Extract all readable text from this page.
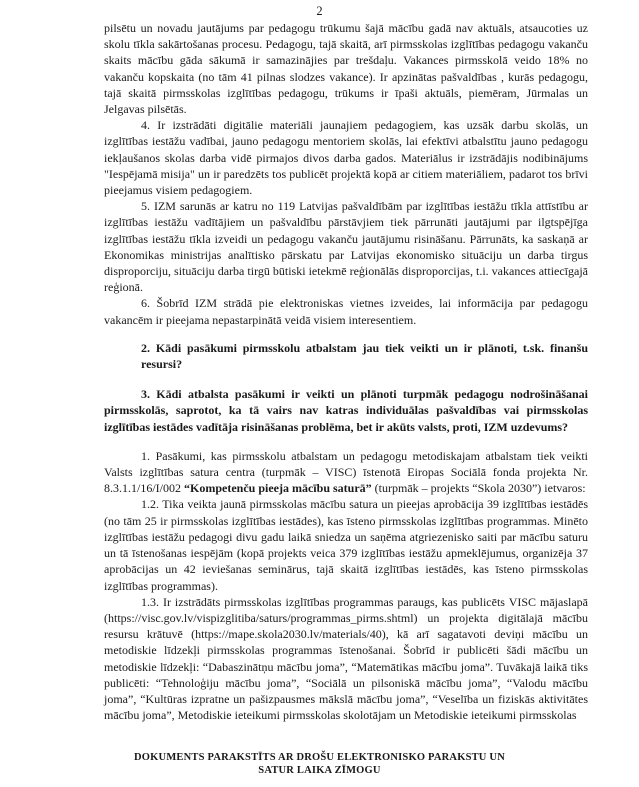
2

pilsētu un novadu jautājums par pedagogu trūkumu šajā mācību gadā nav aktuāls, atsaucoties uz skolu tīkla sakārtošanas procesu. Pedagogu, tajā skaitā, arī pirmsskolas izglītības pedagogu vakanču skaits mācību gāda sākumā ir samazinājies par trešdaļu. Vakances pirmsskolā veido 18% no vakanču kopskaita (no tām 41 pilnas slodzes vakance). Ir apzinātas pašvaldības , kurās pedagogu, tajā skaitā pirmsskolas izglītības pedagogu, trūkums ir īpaši aktuāls, piemēram, Jūrmalas un Jelgavas pilsētās.

4. Ir izstrādāti digitālie materiāli jaunajiem pedagogiem, kas uzsāk darbu skolās, un izglītības iestāžu vadībai, jauno pedagogu mentoriem skolās, lai efektīvi atbalstītu jauno pedagogu iekļaušanos skolas darba vidē pirmajos divos darba gados. Materiālus ir izstrādājis nodibinājums "Iespējamā misija" un ir paredzēts tos publicēt projektā kopā ar citiem materiāliem, padarot tos brīvi pieejamus visiem pedagogiem.

5. IZM sarunās ar katru no 119 Latvijas pašvaldībām par izglītības iestāžu tīkla attīstību ar izglītības iestāžu vadītājiem un pašvaldību pārstāvjiem tiek pārrunāti jautājumi par ilgtspējīga izglītības iestāžu tīkla izveidi un pedagogu vakanču jautājumu risināšanu. Pārrunāts, ka saskaņā ar Ekonomikas ministrijas analītisko pārskatu par Latvijas ekonomisko situāciju un darba tirgus disproporciju, situāciju darba tirgū būtiski ietekmē reģionālās disproporcijas, t.i. vakances attiecīgajā reģionā.

6. Šobrīd IZM strādā pie elektroniskas vietnes izveides, lai informācija par pedagogu vakancēm ir pieejama nepastarpinātā veidā visiem interesentiem.

2. Kādi pasākumi pirmsskolu atbalstam jau tiek veikti un ir plānoti, t.sk. finanšu resursi?

3. Kādi atbalsta pasākumi ir veikti un plānoti turpmāk pedagogu nodrošināšanai pirmsskolās, saprotot, ka tā vairs nav katras individuālas pašvaldības vai pirmsskolas izglītības iestādes vadītāja risināšanas problēma, bet ir akūts valsts, proti, IZM uzdevums?

1. Pasākumi, kas pirmsskolu atbalstam un pedagogu metodiskajam atbalstam tiek veikti Valsts izglītības satura centra (turpmāk – VISC) īstenotā Eiropas Sociālā fonda projekta Nr. 8.3.1.1/16/I/002 “Kompetenču pieeja mācību saturā” (turpmāk – projekts “Skola 2030”) ietvaros:

1.2. Tika veikta jaunā pirmsskolas mācību satura un pieejas aprobācija 39 izglītības iestādēs (no tām 25 ir pirmsskolas izglītības iestādes), kas īsteno pirmsskolas izglītības programmas. Minēto izglītības iestāžu pedagogi divu gadu laikā sniedza un saņēma atgriezenisko saiti par mācību saturu un tā īstenošanas iespējām (kopā projekts veica 379 izglītības iestāžu apmeklējumus, organizēja 37 aprobācijas un 42 ieviešanas seminārus, tajā skaitā izglītības iestādēs, kas īsteno pirmsskolas izglītības programmas).

1.3. Ir izstrādāts pirmsskolas izglītības programmas paraugs, kas publicēts VISC mājaslapā (https://visc.gov.lv/vispizglitiba/saturs/programmas_pirms.shtml) un projekta digitālajā mācību resursu krātuvē (https://mape.skola2030.lv/materials/40), kā arī sagatavoti deviņi mācību un metodiskie līdzekļi pirmsskolas programmas īstenošanai. Šobrīd ir publicēti šādi mācību un metodiskie līdzekļi: “Dabaszinātņu mācību joma”, “Matemātikas mācību joma”. Tuvākajā laikā tiks publicēti: “Tehnoloģiju mācību joma”, “Sociālā un pilsoniskā mācību joma”, “Valodu mācību joma”, “Kultūras izpratne un pašizpausmes mākslā mācību joma”, “Veselība un fiziskās aktivitātes mācību joma”, Metodiskie ieteikumi pirmsskolas skolotājam un Metodiskie ieteikumi pirmsskolas

DOKUMENTS PARAKSTĪTS AR DROŠU ELEKTRONISKO PARAKSTU UN
SATUR LAIKA ZĪMOGU
